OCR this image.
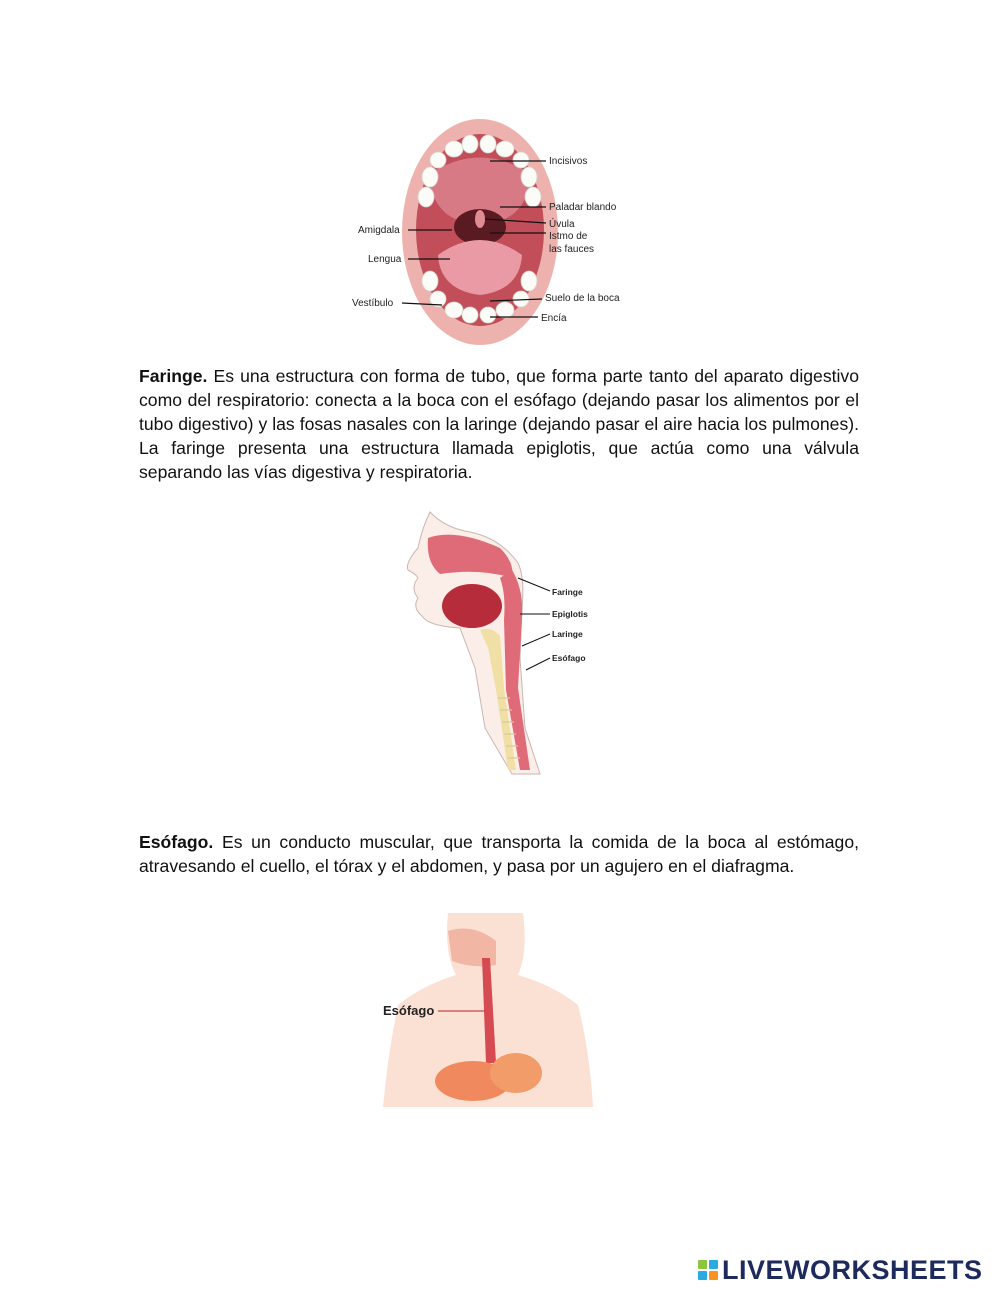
Incisivos
Paladar blando
Úvula
Istmo de
las fauces
Amigdala
Lengua
Vestíbulo	Suelo de la boca
Encía

Faringe. Es una estructura con forma de tubo, que forma parte tanto del aparato digestivo como del respiratorio: conecta a la boca con el esófago (dejando pasar los alimentos por el tubo digestivo) y las fosas nasales con la laringe (dejando pasar el aire hacia los pulmones). La faringe presenta una estructura llamada epiglotis, que actúa como una válvula separando las vías digestiva y respiratoria.

Faringe
Epiglotis
Laringe
Esófago

Esófago. Es un conducto muscular, que transporta la comida de la boca al estómago, atravesando el cuello, el tórax y el abdomen, y pasa por un agujero en el diafragma.

Esófago
LIVEWORKSHEETS
